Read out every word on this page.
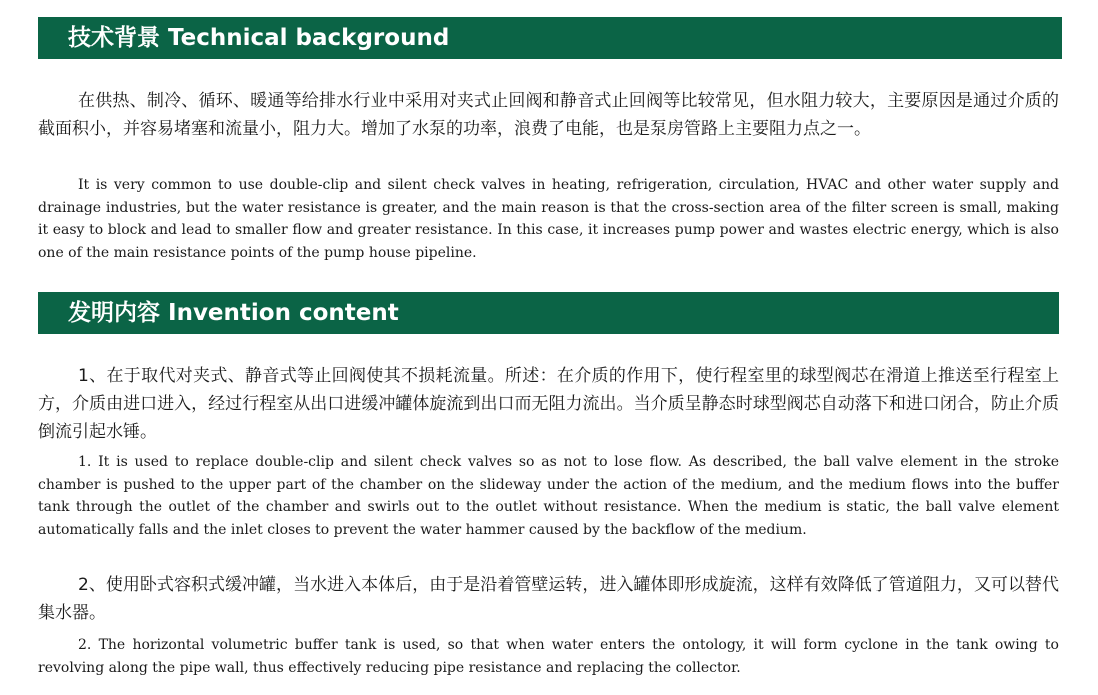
技术背景 Technical background

在供热、制冷、循环、暖通等给排水行业中采用对夹式止回阀和静音式止回阀等比较常见，但水阻力较大，主要原因是通过介质的截面积小，并容易堵塞和流量小，阻力大。增加了水泵的功率，浪费了电能，也是泵房管路上主要阻力点之一。

It is very common to use double-clip and silent check valves in heating, refrigeration, circulation, HVAC and other water supply and drainage industries, but the water resistance is greater, and the main reason is that the cross-section area of the filter screen is small, making it easy to block and lead to smaller flow and greater resistance. In this case, it increases pump power and wastes electric energy, which is also one of the main resistance points of the pump house pipeline.

发明内容 Invention content

1、在于取代对夹式、静音式等止回阀使其不损耗流量。所述：在介质的作用下，使行程室里的球型阀芯在滑道上推送至行程室上方，介质由进口进入，经过行程室从出口进缓冲罐体旋流到出口而无阻力流出。当介质呈静态时球型阀芯自动落下和进口闭合，防止介质倒流引起水锤。

1. It is used to replace double-clip and silent check valves so as not to lose flow. As described, the ball valve element in the stroke chamber is pushed to the upper part of the chamber on the slideway under the action of the medium, and the medium flows into the buffer tank through the outlet of the chamber and swirls out to the outlet without resistance. When the medium is static, the ball valve element automatically falls and the inlet closes to prevent the water hammer caused by the backflow of the medium.

2、使用卧式容积式缓冲罐，当水进入本体后，由于是沿着管壁运转，进入罐体即形成旋流，这样有效降低了管道阻力，又可以替代集水器。

2. The horizontal volumetric buffer tank is used, so that when water enters the ontology, it will form cyclone in the tank owing to revolving along the pipe wall, thus effectively reducing pipe resistance and replacing the collector.
